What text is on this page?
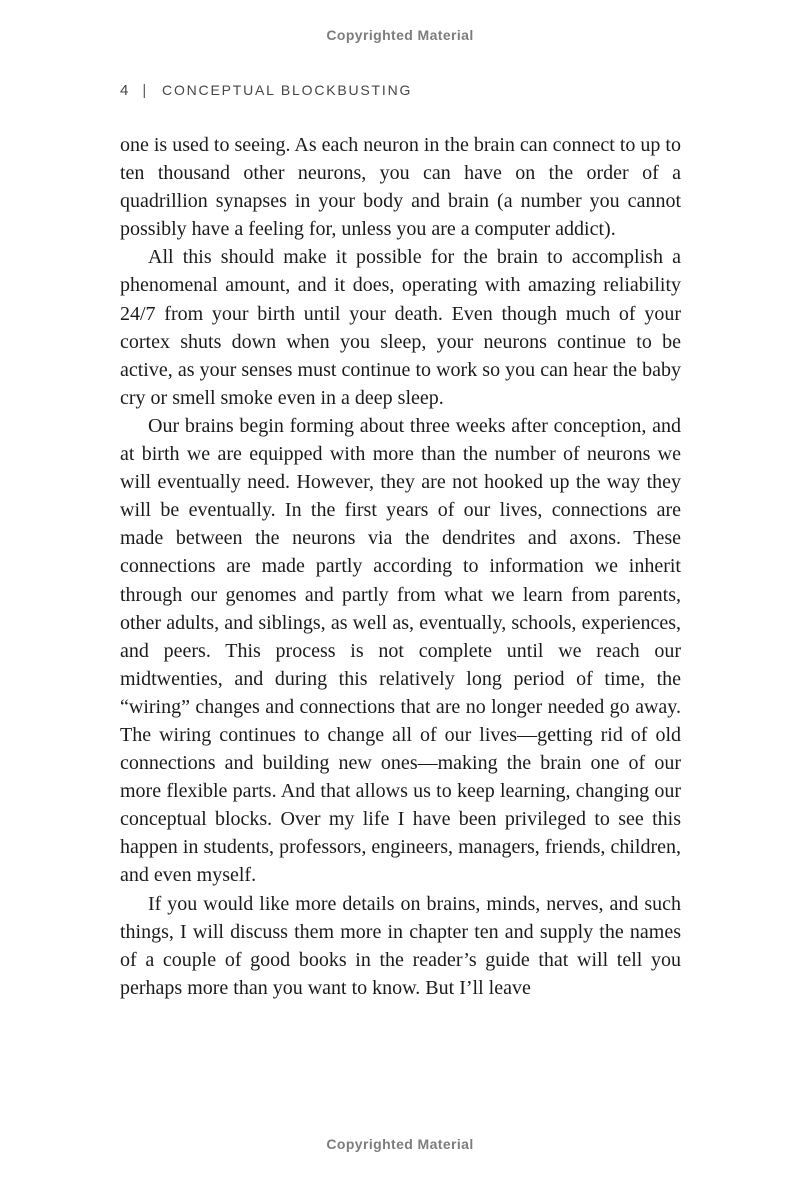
Copyrighted Material
4 | CONCEPTUAL BLOCKBUSTING

one is used to seeing. As each neuron in the brain can connect to up to ten thousand other neurons, you can have on the order of a quadrillion synapses in your body and brain (a number you cannot possibly have a feeling for, unless you are a computer addict).

All this should make it possible for the brain to accomplish a phenomenal amount, and it does, operating with amazing reliability 24/7 from your birth until your death. Even though much of your cortex shuts down when you sleep, your neurons continue to be active, as your senses must continue to work so you can hear the baby cry or smell smoke even in a deep sleep.

Our brains begin forming about three weeks after conception, and at birth we are equipped with more than the number of neurons we will eventually need. However, they are not hooked up the way they will be eventually. In the first years of our lives, connections are made between the neurons via the dendrites and axons. These connections are made partly according to information we inherit through our genomes and partly from what we learn from parents, other adults, and siblings, as well as, eventually, schools, experiences, and peers. This process is not complete until we reach our midtwenties, and during this relatively long period of time, the “wiring” changes and connections that are no longer needed go away. The wiring continues to change all of our lives—getting rid of old connections and building new ones—making the brain one of our more flexible parts. And that allows us to keep learning, changing our conceptual blocks. Over my life I have been privileged to see this happen in students, professors, engineers, managers, friends, children, and even myself.

If you would like more details on brains, minds, nerves, and such things, I will discuss them more in chapter ten and supply the names of a couple of good books in the reader’s guide that will tell you perhaps more than you want to know. But I’ll leave

Copyrighted Material
